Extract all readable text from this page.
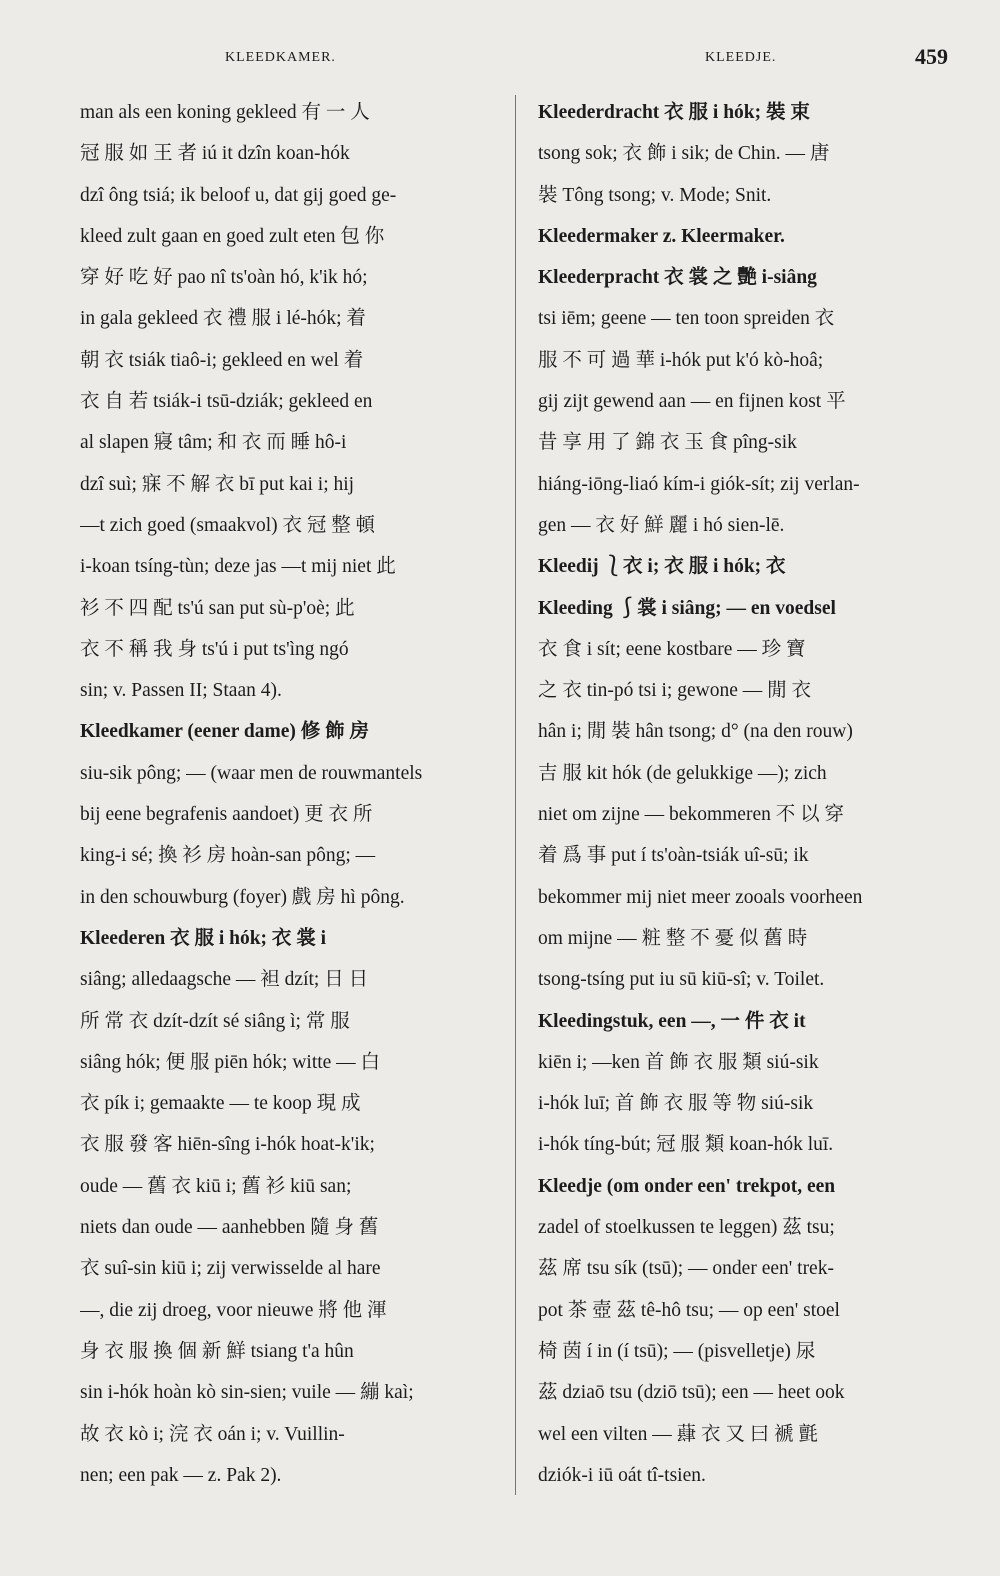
KLEEDKAMER.	KLEEDJE.	459
man als een koning gekleed 有 一 人
冠 服 如 王 者 iú it dzîn koan-hók
dzî ông tsiá; ik beloof u, dat gij goed ge-
kleed zult gaan en goed zult eten 包 你
穿 好 吃 好 pao nî ts'oàn hó, k'ik hó;
in gala gekleed 衣 禮 服 i lé-hók; 着
朝 衣 tsiák tiaô-i; gekleed en wel 着
衣 自 若 tsiák-i tsū-dziák; gekleed en
al slapen 寢 tâm; 和 衣 而 睡 hô-i
dzî suì; 寐 不 解 衣 bī put kai i; hij
—t zich goed (smaakvol) 衣 冠 整 頓
i-koan tsíng-tùn; deze jas —t mij niet 此
衫 不 四 配 ts'ú san put sù-p'oè; 此
衣 不 稱 我 身 ts'ú i put ts'ìng ngó
sin; v. Passen II; Staan 4).
Kleedkamer (eener dame) 修 飾 房
siu-sik pông; — (waar men de rouwmantels
bij eene begrafenis aandoet) 更 衣 所
king-i sé; 換 衫 房 hoàn-san pông; —
in den schouwburg (foyer) 戲 房 hì pông.
Kleederen 衣 服 i hók; 衣 裳 i
siâng; alledaagsche — 袒 dzít; 日 日
所 常 衣 dzít-dzít sé siâng ì; 常 服
siâng hók; 便 服 piēn hók; witte — 白
衣 pík i; gemaakte — te koop 現 成
衣 服 發 客 hiēn-sîng i-hók hoat-k'ik;
oude — 舊 衣 kiū i; 舊 衫 kiū san;
niets dan oude — aanhebben 隨 身 舊
衣 suî-sin kiū i; zij verwisselde al hare
—, die zij droeg, voor nieuwe 將 他 渾
身 衣 服 換 個 新 鮮 tsiang t'a hûn
sin i-hók hoàn kò sin-sien; vuile — 繃 kaì;
故 衣 kò i; 浣 衣 oán i; v. Vuillin-
nen; een pak — z. Pak 2).
Kleederdracht 衣 服 i hók; 裝 束
tsong sok; 衣 飾 i sik; de Chin. — 唐
裝 Tông tsong; v. Mode; Snit.
Kleedermaker z. Kleermaker.
Kleederpracht 衣 裳 之 艷 i-siâng
tsi iēm; geene — ten toon spreiden 衣
服 不 可 過 華 i-hók put k'ó kò-hoâ;
gij zijt gewend aan — en fijnen kost 平
昔 享 用 了 錦 衣 玉 食 pîng-sik
hiáng-iōng-liaó kím-i giók-sít; zij verlan-
gen — 衣 好 鮮 麗 i hó sien-lē.
Kleedij ⎱衣 i; 衣 服 i hók; 衣
Kleeding ⎰裳 i siâng; — en voedsel
衣 食 i sít; eene kostbare — 珍 寶
之 衣 tin-pó tsi i; gewone — 閒 衣
hân i; 閒 裝 hân tsong; d° (na den rouw)
吉 服 kit hók (de gelukkige —); zich
niet om zijne — bekommeren 不 以 穿
着 爲 事 put í ts'oàn-tsiák uî-sū; ik
bekommer mij niet meer zooals voorheen
om mijne — 粧 整 不 憂 似 舊 時
tsong-tsíng put iu sū kiū-sî; v. Toilet.
Kleedingstuk, een —, 一 件 衣 it
kiēn i; —ken 首 飾 衣 服 類 siú-sik
i-hók luī; 首 飾 衣 服 等 物 siú-sik
i-hók tíng-bút; 冠 服 類 koan-hók luī.
Kleedje (om onder een' trekpot, een
zadel of stoelkussen te leggen) 茲 tsu;
茲 席 tsu sík (tsū); — onder een' trek-
pot 茶 壺 茲 tê-hô tsu; — op een' stoel
椅 茵 í in (í tsū); — (pisvelletje) 尿
茲 dziaō tsu (dziō tsū); een — heet ook
wel een vilten — 蕼 衣 又 曰 褫 氈
dziók-i iū oát tî-tsien.
